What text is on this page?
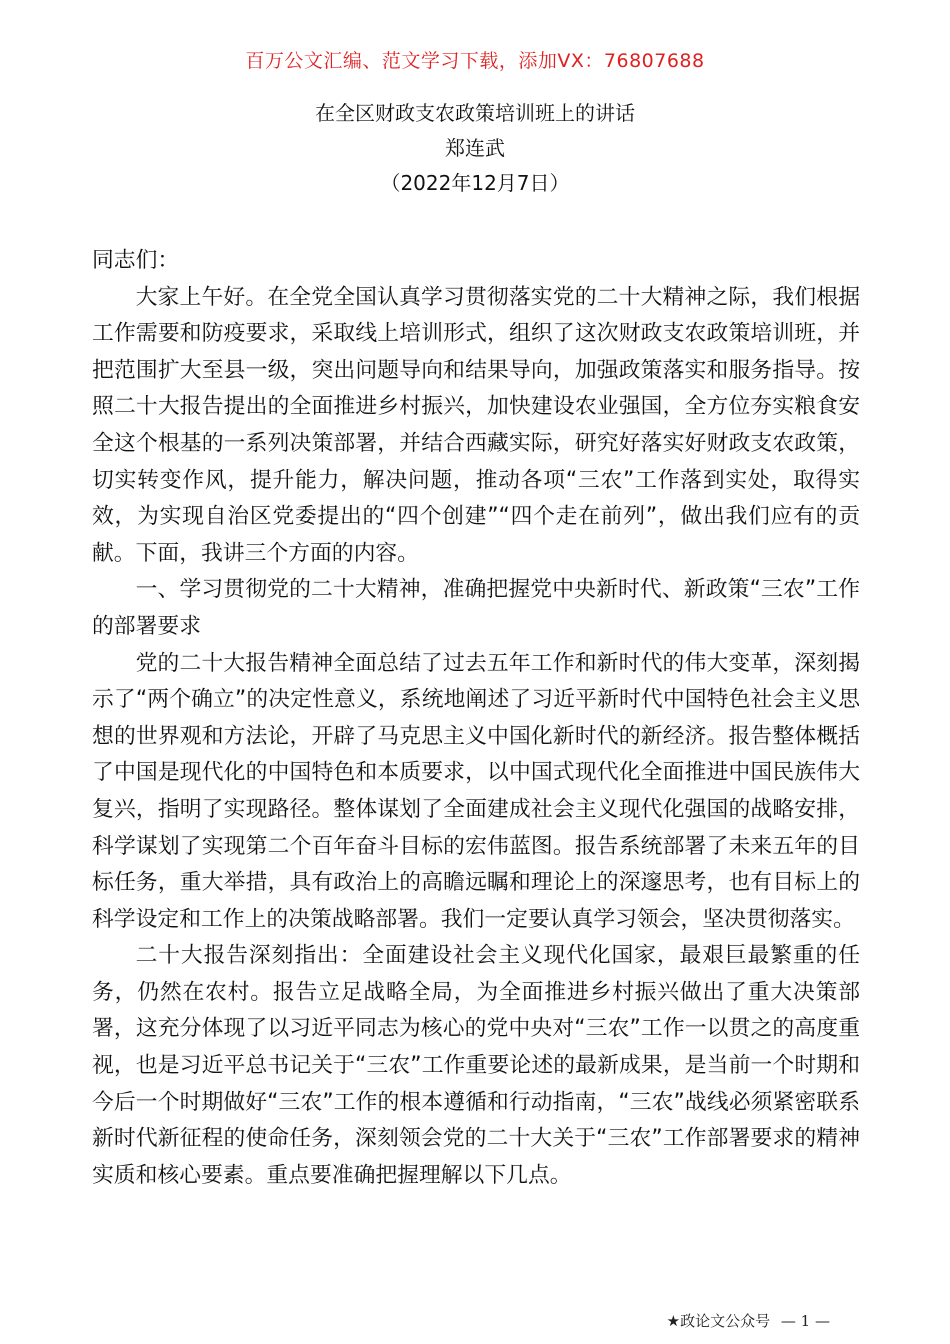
百万公文汇编、范文学习下载，添加VX：76807688
在全区财政支农政策培训班上的讲话
郑连武
（2022年12月7日）

同志们：

大家上午好。在全党全国认真学习贯彻落实党的二十大精神之际，我们根据工作需要和防疫要求，采取线上培训形式，组织了这次财政支农政策培训班，并把范围扩大至县一级，突出问题导向和结果导向，加强政策落实和服务指导。按照二十大报告提出的全面推进乡村振兴，加快建设农业强国，全方位夯实粮食安全这个根基的一系列决策部署，并结合西藏实际，研究好落实好财政支农政策，切实转变作风，提升能力，解决问题，推动各项“三农”工作落到实处，取得实效，为实现自治区党委提出的“四个创建”“四个走在前列”，做出我们应有的贡献。下面，我讲三个方面的内容。

一、学习贯彻党的二十大精神，准确把握党中央新时代、新政策“三农”工作的部署要求

党的二十大报告精神全面总结了过去五年工作和新时代的伟大变革，深刻揭示了“两个确立”的决定性意义，系统地阐述了习近平新时代中国特色社会主义思想的世界观和方法论，开辟了马克思主义中国化新时代的新经济。报告整体概括了中国是现代化的中国特色和本质要求，以中国式现代化全面推进中国民族伟大复兴，指明了实现路径。整体谋划了全面建成社会主义现代化强国的战略安排，科学谋划了实现第二个百年奋斗目标的宏伟蓝图。报告系统部署了未来五年的目标任务，重大举措，具有政治上的高瞻远瞩和理论上的深邃思考，也有目标上的科学设定和工作上的决策战略部署。我们一定要认真学习领会，坚决贯彻落实。

二十大报告深刻指出：全面建设社会主义现代化国家，最艰巨最繁重的任务，仍然在农村。报告立足战略全局，为全面推进乡村振兴做出了重大决策部署，这充分体现了以习近平同志为核心的党中央对“三农”工作一以贯之的高度重视，也是习近平总书记关于“三农”工作重要论述的最新成果，是当前一个时期和今后一个时期做好“三农”工作的根本遵循和行动指南，“三农”战线必须紧密联系新时代新征程的使命任务，深刻领会党的二十大关于“三农”工作部署要求的精神实质和核心要素。重点要准确把握理解以下几点。

★政论文公众号 — 1 —
